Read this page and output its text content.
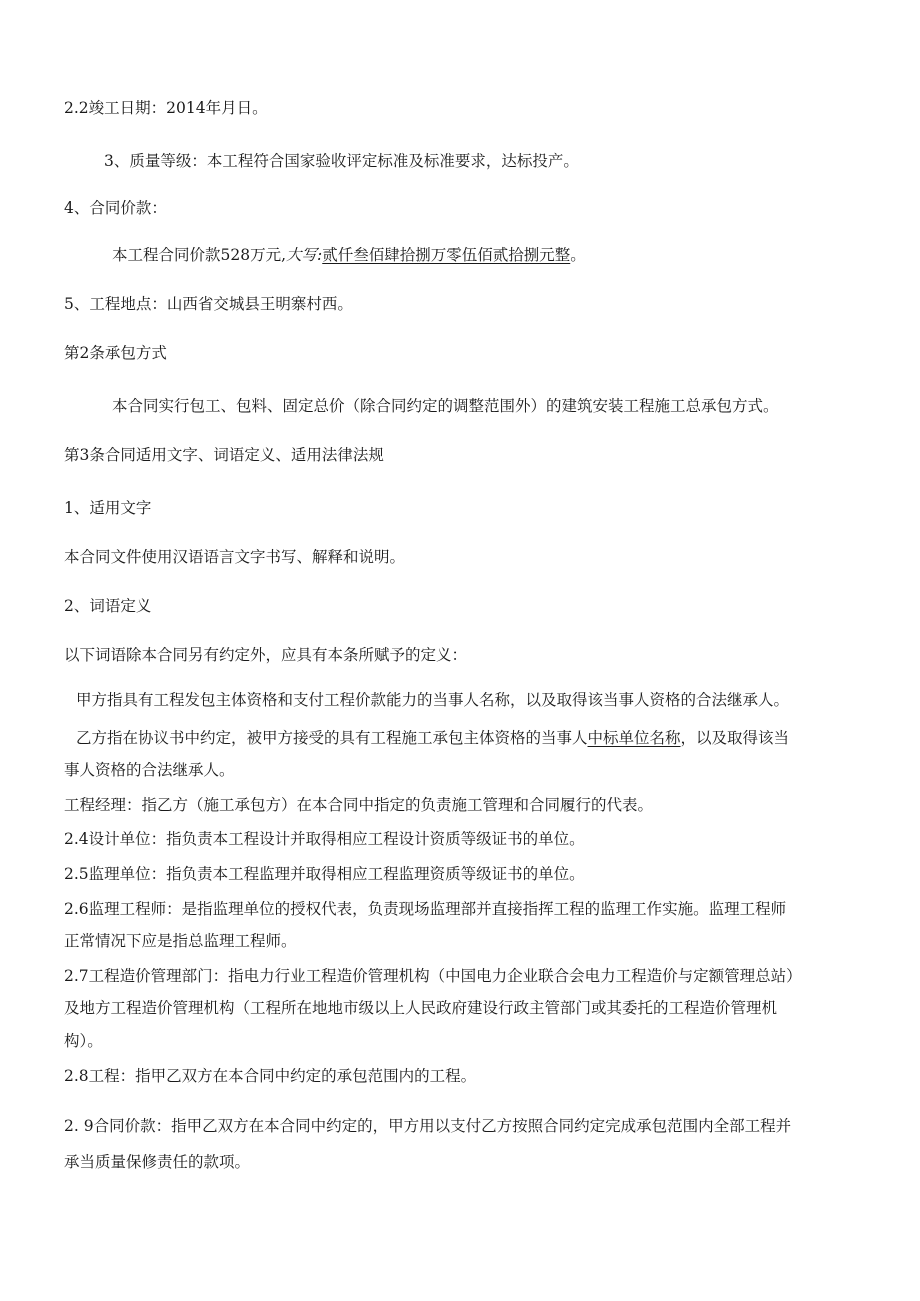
2.2竣工日期：2014年月日。
3、质量等级：本工程符合国家验收评定标准及标准要求，达标投产。
4、合同价款：
本工程合同价款528万元,大写:贰仟叁佰肆拾捌万零伍佰贰拾捌元整。
5、工程地点：山西省交城县王明寨村西。
第2条承包方式
本合同实行包工、包料、固定总价（除合同约定的调整范围外）的建筑安装工程施工总承包方式。
第3条合同适用文字、词语定义、适用法律法规
1、适用文字
本合同文件使用汉语语言文字书写、解释和说明。
2、词语定义
以下词语除本合同另有约定外，应具有本条所赋予的定义：
甲方指具有工程发包主体资格和支付工程价款能力的当事人名称，以及取得该当事人资格的合法继承人。
乙方指在协议书中约定，被甲方接受的具有工程施工承包主体资格的当事人中标单位名称，以及取得该当
事人资格的合法继承人。
工程经理：指乙方（施工承包方）在本合同中指定的负责施工管理和合同履行的代表。
2.4设计单位：指负责本工程设计并取得相应工程设计资质等级证书的单位。
2.5监理单位：指负责本工程监理并取得相应工程监理资质等级证书的单位。
2.6监理工程师：是指监理单位的授权代表，负责现场监理部并直接指挥工程的监理工作实施。监理工程师
正常情况下应是指总监理工程师。
2.7工程造价管理部门：指电力行业工程造价管理机构（中国电力企业联合会电力工程造价与定额管理总站）
及地方工程造价管理机构（工程所在地地市级以上人民政府建设行政主管部门或其委托的工程造价管理机
构）。
2.8工程：指甲乙双方在本合同中约定的承包范围内的工程。
2. 9合同价款：指甲乙双方在本合同中约定的，甲方用以支付乙方按照合同约定完成承包范围内全部工程并
承当质量保修责任的款项。
